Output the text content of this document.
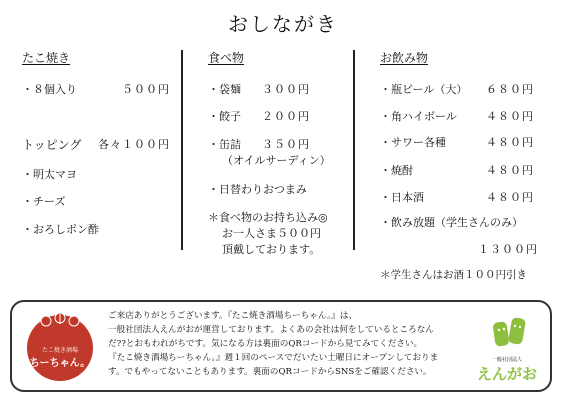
おしながき
たこ焼き
・８個入り	５００円
トッピング 各々１００円
・明太マヨ
・チーズ
・おろしポン酢
食べ物
・袋麺 ３００円
・餃子 ２００円
・缶詰 ３５０円
（オイルサーディン）
・日替わりおつまみ
＊食べ物のお持ち込み◎
お一人さま５００円
頂戴しております。
お飲み物
・瓶ビール（大） ６８０円
・角ハイボール	４８０円
・サワー各種	４８０円
・焼酎	４８０円
・日本酒	４８０円
・飲み放題（学生さんのみ）
１３００円
＊学生さんはお酒１００円引き
たこ焼き酒場
ちーちゃん。
ご来店ありがとうございます。『たこ焼き酒場ちーちゃん。』は、
一般社団法人えんがおが運営しております。よくあの会社は何をしているところなん
だ??とおもわれがちです。気になる方は裏面のQRコードから見てみてください。
『たこ焼き酒場ちーちゃん。』週１回のペースでだいたい土曜日にオープンしておりま
す。でもやってないこともあります。裏面のQRコードからSNSをご確認ください。
一般社団法人
えんがお
